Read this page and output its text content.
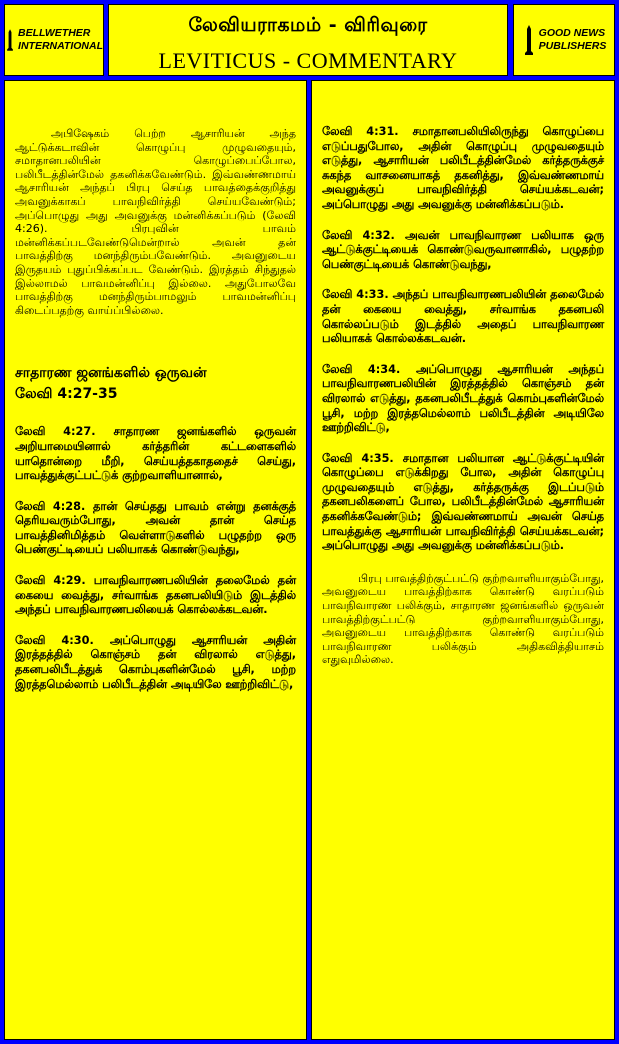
BELLWETHER
INTERNATIONAL
லேவியராகமம் - விரிவுரை
LEVITICUS - COMMENTARY
GOOD NEWS
PUBLISHERS

அபிஷேகம் பெற்ற ஆசாரியன் அந்த ஆட்டுக்கடாவின் கொழுப்பு முழுவதையும், சமாதானபலியின் கொழுப்பைப்போல, பலிபீடத்தின்மேல் தகனிக்கவேண்டும். இவ்வண்ணமாய் ஆசாரியன் அந்தப் பிரபு செய்த பாவத்தைக்குறித்து அவனுக்காகப் பாவநிவிர்த்தி செய்யவேண்டும்; அப்பொழுது அது அவனுக்கு மன்னிக்கப்படும் (லேவி 4:26). பிரபுவின் பாவம் மன்னிக்கப்படவேண்டுமென்றால் அவன் தன் பாவத்திற்கு மனந்திரும்பவேண்டும். அவனுடைய இருதயம் புதுப்பிக்கப்பட வேண்டும். இரத்தம் சிந்துதல் இல்லாமல் பாவமன்னிப்பு இல்லை. அதுபோலவே பாவத்திற்கு மனந்திரும்பாமலும் பாவமன்னிப்பு கிடைப்பதற்கு வாய்ப்பில்லை.

சாதாரண ஜனங்களில் ஒருவன்

லேவி 4:27-35

லேவி 4:27. சாதாரண ஜனங்களில் ஒருவன் அறியாமையினால் கர்த்தரின் கட்டளைகளில் யாதொன்றை மீறி, செய்யத்தகாததைச் செய்து, பாவத்துக்குட்பட்டுக் குற்றவாளியானால்,

லேவி 4:28. தான் செய்தது பாவம் என்று தனக்குத் தெரியவரும்போது, அவன் தான் செய்த பாவத்தினிமித்தம் வெள்ளாடுகளில் பழுதற்ற ஒரு பெண்குட்டியைப் பலியாகக் கொண்டுவந்து,

லேவி 4:29. பாவநிவாரணபலியின் தலைமேல் தன் கையை வைத்து, சர்வாங்க தகனபலியிடும் இடத்தில் அந்தப் பாவநிவாரணபலியைக் கொல்லக்கடவன்.

லேவி 4:30. அப்பொழுது ஆசாரியன் அதின் இரத்தத்தில் கொஞ்சம் தன் விரலால் எடுத்து, தகனபலிபீடத்துக் கொம்புகளின்மேல் பூசி, மற்ற இரத்தமெல்லாம் பலிபீடத்தின் அடியிலே ஊற்றிவிட்டு,

லேவி 4:31. சமாதானபலியிலிருந்து கொழுப்பை எடுப்பதுபோல, அதின் கொழுப்பு முழுவதையும் எடுத்து, ஆசாரியன் பலிபீடத்தின்மேல் கர்த்தருக்குச் சுகந்த வாசனையாகத் தகனித்து, இவ்வண்ணமாய் அவனுக்குப் பாவநிவிர்த்தி செய்யக்கடவன்; அப்பொழுது அது அவனுக்கு மன்னிக்கப்படும்.

லேவி 4:32. அவன் பாவநிவாரண பலியாக ஒரு ஆட்டுக்குட்டியைக் கொண்டுவருவானாகில், பழுதற்ற பெண்குட்டியைக் கொண்டுவந்து,

லேவி 4:33. அந்தப் பாவநிவாரணபலியின் தலைமேல் தன் கையை வைத்து, சர்வாங்க தகனபலி கொல்லப்படும் இடத்தில் அதைப் பாவநிவாரண பலியாகக் கொல்லக்கடவன்.

லேவி 4:34. அப்பொழுது ஆசாரியன் அந்தப் பாவநிவாரணபலியின் இரத்தத்தில் கொஞ்சம் தன் விரலால் எடுத்து, தகனபலிபீடத்துக் கொம்புகளின்மேல் பூசி, மற்ற இரத்தமெல்லாம் பலிபீடத்தின் அடியிலே ஊற்றிவிட்டு,

லேவி 4:35. சமாதான பலியான ஆட்டுக்குட்டியின் கொழுப்பை எடுக்கிறது போல, அதின் கொழுப்பு முழுவதையும் எடுத்து, கர்த்தருக்கு இடப்படும் தகனபலிகளைப் போல, பலிபீடத்தின்மேல் ஆசாரியன் தகனிக்கவேண்டும்; இவ்வண்ணமாய் அவன் செய்த பாவத்துக்கு ஆசாரியன் பாவநிவிர்த்தி செய்யக்கடவன்; அப்பொழுது அது அவனுக்கு மன்னிக்கப்படும்.

பிரபு பாவத்திற்குட்பட்டு குற்றவாளியாகும்போது, அவனுடைய பாவத்திற்காக கொண்டு வரப்படும் பாவநிவாரண பலிக்கும், சாதாரண ஜனங்களில் ஒருவன் பாவத்திற்குட்பட்டு குற்றவாளியாகும்போது, அவனுடைய பாவத்திற்காக கொண்டு வரப்படும் பாவநிவாரண பலிக்கும் அதிகவித்தியாசம் எதுவுமில்லை.
